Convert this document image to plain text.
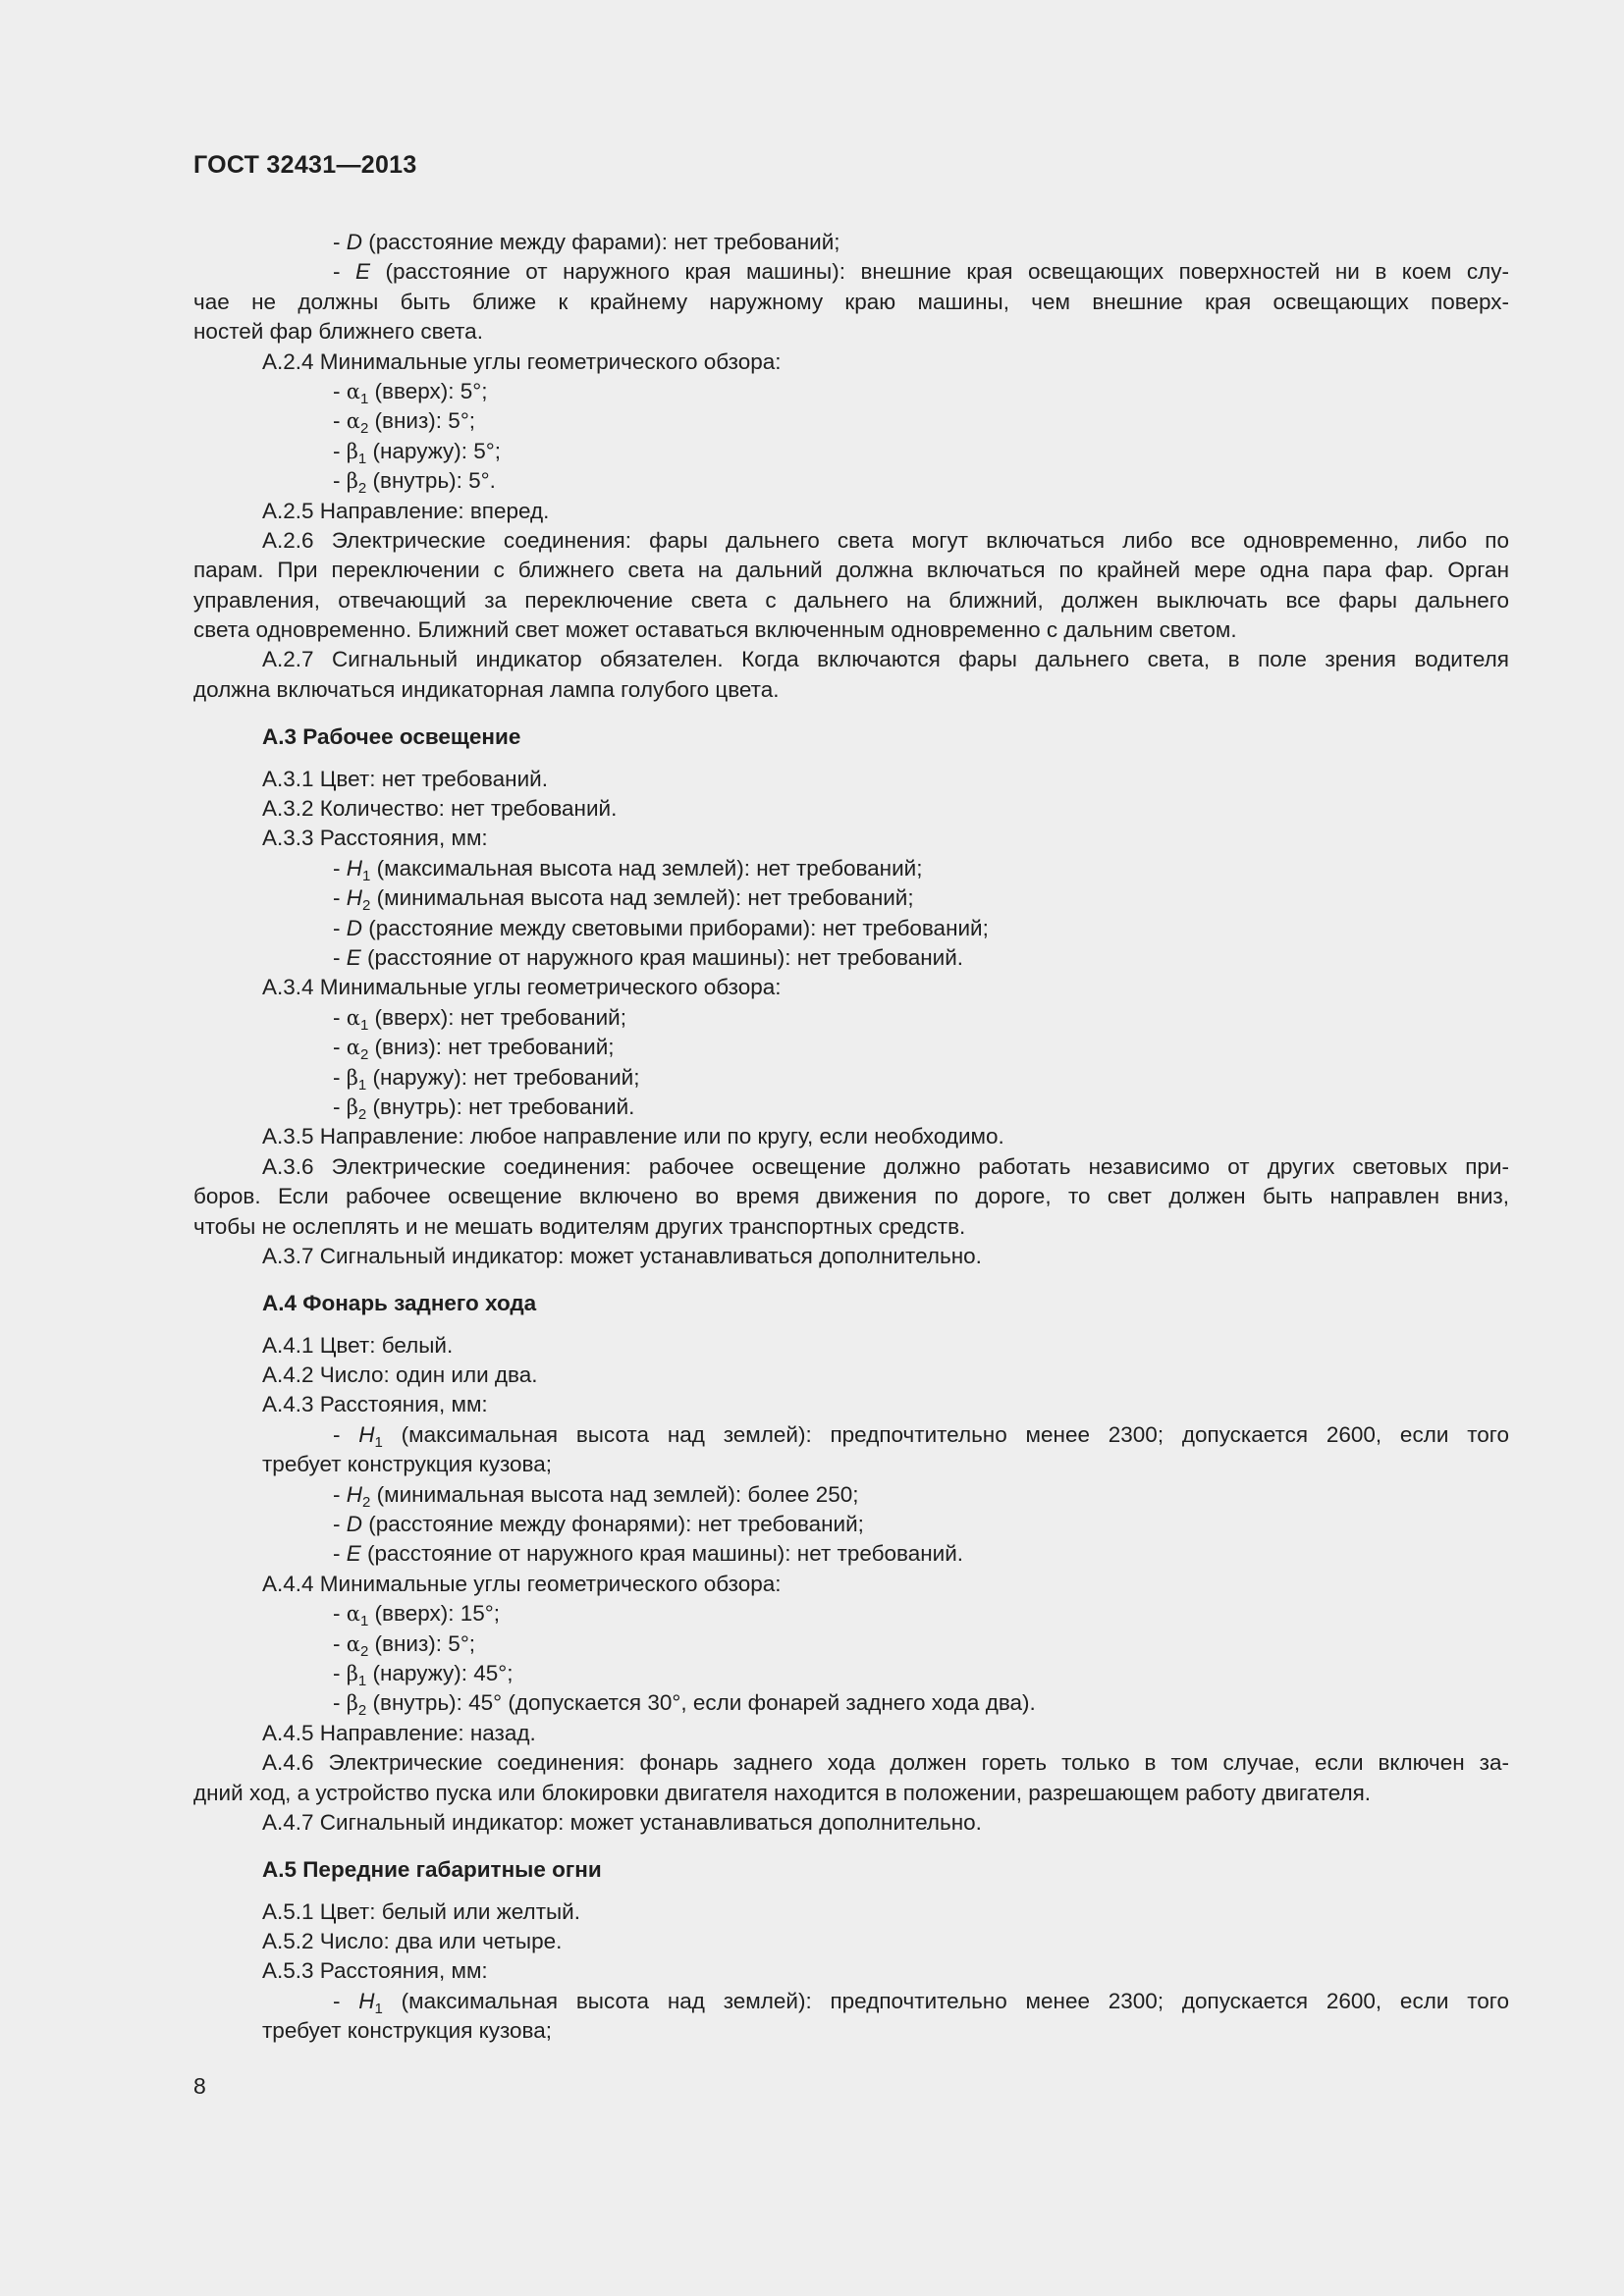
ГОСТ 32431—2013
- D (расстояние между фарами): нет требований;
- E (расстояние от наружного края машины): внешние края освещающих поверхностей ни в коем слу-
чае не должны быть ближе к крайнему наружному краю машины, чем внешние края освещающих поверх-
ностей фар ближнего света.
А.2.4 Минимальные углы геометрического обзора:
- $\alpha_1$ (вверх): 5°;
- $\alpha_2$ (вниз): 5°;
- $\beta_1$ (наружу): 5°;
- $\beta_2$ (внутрь): 5°.
А.2.5 Направление: вперед.
А.2.6 Электрические соединения: фары дальнего света могут включаться либо все одновременно, либо по
парам. При переключении с ближнего света на дальний должна включаться по крайней мере одна пара фар. Орган
управления, отвечающий за переключение света с дальнего на ближний, должен выключать все фары дальнего
света одновременно. Ближний свет может оставаться включенным одновременно с дальним светом.
А.2.7 Сигнальный индикатор обязателен. Когда включаются фары дальнего света, в поле зрения водителя
должна включаться индикаторная лампа голубого цвета.
А.3 Рабочее освещение
А.3.1 Цвет: нет требований.
А.3.2 Количество: нет требований.
А.3.3 Расстояния, мм:
- $H_1$ (максимальная высота над землей): нет требований;
- $H_2$ (минимальная высота над землей): нет требований;
- D (расстояние между световыми приборами): нет требований;
- E (расстояние от наружного края машины): нет требований.
А.3.4 Минимальные углы геометрического обзора:
- $\alpha_1$ (вверх): нет требований;
- $\alpha_2$ (вниз): нет требований;
- $\beta_1$ (наружу): нет требований;
- $\beta_2$ (внутрь): нет требований.
А.3.5 Направление: любое направление или по кругу, если необходимо.
А.3.6 Электрические соединения: рабочее освещение должно работать независимо от других световых при-
боров. Если рабочее освещение включено во время движения по дороге, то свет должен быть направлен вниз,
чтобы не ослеплять и не мешать водителям других транспортных средств.
А.3.7 Сигнальный индикатор: может устанавливаться дополнительно.
А.4 Фонарь заднего хода
А.4.1 Цвет: белый.
А.4.2 Число: один или два.
А.4.3 Расстояния, мм:
- $H_1$ (максимальная высота над землей): предпочтительно менее 2300; допускается 2600, если того
требует конструкция кузова;
- $H_2$ (минимальная высота над землей): более 250;
- D (расстояние между фонарями): нет требований;
- E (расстояние от наружного края машины): нет требований.
А.4.4 Минимальные углы геометрического обзора:
- $\alpha_1$ (вверх): 15°;
- $\alpha_2$ (вниз): 5°;
- $\beta_1$ (наружу): 45°;
- $\beta_2$ (внутрь): 45° (допускается 30°, если фонарей заднего хода два).
А.4.5 Направление: назад.
А.4.6 Электрические соединения: фонарь заднего хода должен гореть только в том случае, если включен за-
дний ход, а устройство пуска или блокировки двигателя находится в положении, разрешающем работу двигателя.
А.4.7 Сигнальный индикатор: может устанавливаться дополнительно.
А.5 Передние габаритные огни
А.5.1 Цвет: белый или желтый.
А.5.2 Число: два или четыре.
А.5.3 Расстояния, мм:
- $H_1$ (максимальная высота над землей): предпочтительно менее 2300; допускается 2600, если того
требует конструкция кузова;
8
